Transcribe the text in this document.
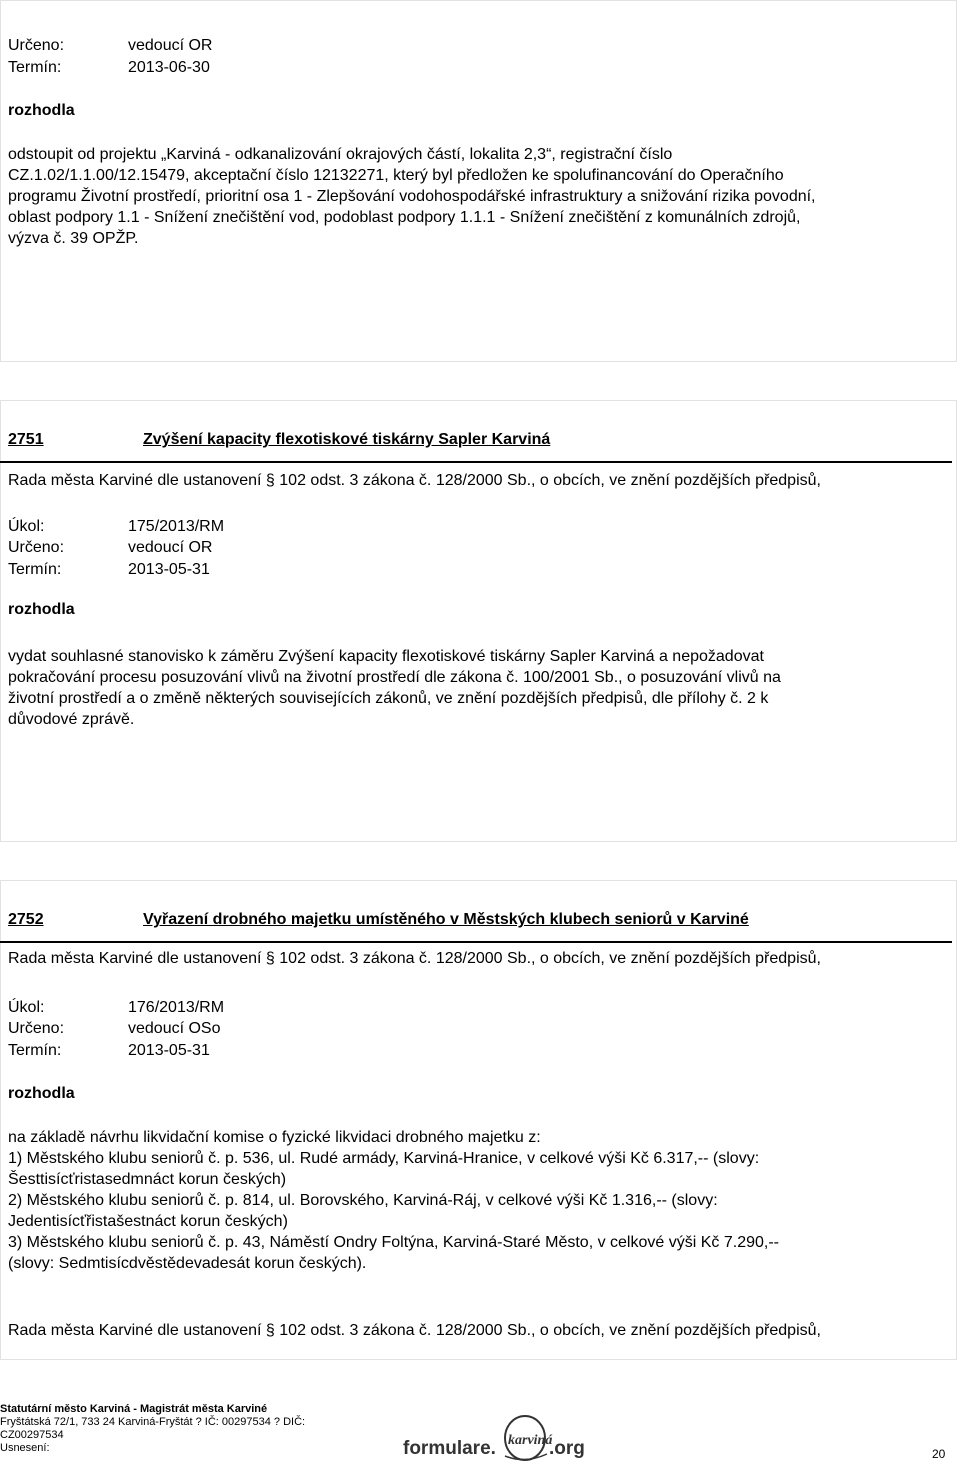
Určeno:	vedoucí OR
Termín:	2013-06-30
rozhodla

odstoupit od projektu „Karviná - odkanalizování okrajových částí, lokalita 2,3“, registrační číslo

CZ.1.02/1.1.00/12.15479, akceptační číslo 12132271, který byl předložen ke spolufinancování do Operačního

programu Životní prostředí, prioritní osa 1 - Zlepšování vodohospodářské infrastruktury a snižování rizika povodní,

oblast podpory 1.1 - Snížení znečištění vod, podoblast podpory 1.1.1 - Snížení znečištění z komunálních zdrojů,

výzva č. 39 OPŽP.

2751	Zvýšení kapacity flexotiskové tiskárny Sapler Karviná
Rada města Karviné dle ustanovení § 102 odst. 3 zákona č. 128/2000 Sb., o obcích, ve znění pozdějších předpisů,
Úkol:	175/2013/RM
Určeno:	vedoucí OR
Termín:	2013-05-31
rozhodla

vydat souhlasné stanovisko k záměru Zvýšení kapacity flexotiskové tiskárny Sapler Karviná a nepožadovat

pokračování procesu posuzování vlivů na životní prostředí dle zákona č. 100/2001 Sb., o posuzování vlivů na

životní prostředí a o změně některých souvisejících zákonů, ve znění pozdějších předpisů, dle přílohy č. 2 k

důvodové zprávě.

2752	Vyřazení drobného majetku umístěného v Městských klubech seniorů v Karviné
Rada města Karviné dle ustanovení § 102 odst. 3 zákona č. 128/2000 Sb., o obcích, ve znění pozdějších předpisů,
Úkol:	176/2013/RM
Určeno:	vedoucí OSo
Termín:	2013-05-31
rozhodla

na základě návrhu likvidační komise o fyzické likvidaci drobného majetku z:

1) Městského klubu seniorů č. p. 536, ul. Rudé armády, Karviná-Hranice, v celkové výši Kč 6.317,-- (slovy:

Šesttisícťristasedmnáct korun českých)

2) Městského klubu seniorů č. p. 814, ul. Borovského, Karviná-Ráj, v celkové výši Kč 1.316,-- (slovy:

Jedentisícťřistašestnáct korun českých)

3) Městského klubu seniorů č. p. 43, Náměstí Ondry Foltýna, Karviná-Staré Město, v celkové výši Kč 7.290,--

(slovy: Sedmtisícdvěstědevadesát korun českých).

Rada města Karviné dle ustanovení § 102 odst. 3 zákona č. 128/2000 Sb., o obcích, ve znění pozdějších předpisů,
Statutární město Karviná - Magistrát města Karviné
Fryštátská 72/1, 733 24 Karviná-Fryštát ? IČ: 00297534 ? DIČ:
CZ00297534
Usnesení:	formulare. karviná
.org	20
